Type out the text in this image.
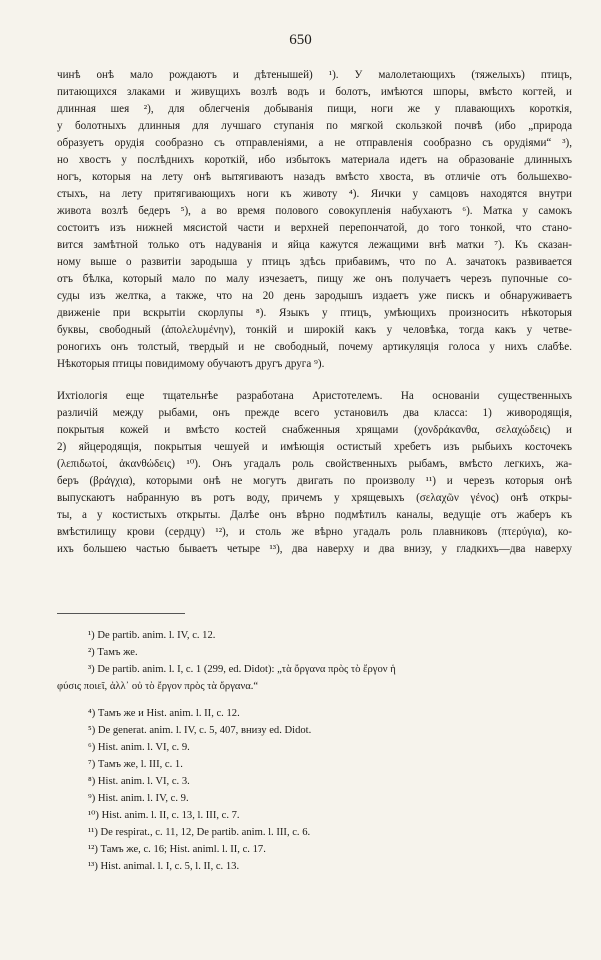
650
чинѣ онѣ мало рождаютъ и дѣтенышей) ¹). У малолетающихъ (тяжелыхъ) птицъ,
питающихся злаками и живущихъ возлѣ водъ и болотъ, имѣются шпоры, вмѣсто когтей, и
длинная шея ²), для облегченія добыванія пищи, ноги же у плавающихъ короткія,
у болотныхъ длинныя для лучшаго ступанія по мягкой скользкой почвѣ (ибо „природа
образуетъ орудія сообразно съ отправленіями, а не отправленія сообразно съ орудіями“ ³),
но хвостъ у послѣднихъ короткій, ибо избытокъ материала идетъ на образованіе длинныхъ
ногъ, которыя на лету онѣ вытягиваютъ назадъ вмѣсто хвоста, въ отличіе отъ большехво-
стыхъ, на лету притягивающихъ ноги къ животу ⁴). Яички у самцовъ находятся внутри
живота возлѣ бедеръ ⁵), а во время полового совокупленія набухаютъ ⁶). Матка у самокъ
состоитъ изъ нижней мясистой части и верхней перепончатой, до того тонкой, что стано-
вится замѣтной только отъ надуванія и яйца кажутся лежащими внѣ матки ⁷). Къ сказан-
ному выше о развитіи зародыша у птицъ здѣсь прибавимъ, что по А. зачатокъ развивается
отъ бѣлка, который мало по малу изчезаетъ, пищу же онъ получаетъ черезъ пупочные со-
суды изъ желтка, а также, что на 20 день зародышъ издаетъ уже пискъ и обнаруживаетъ
движеніе при вскрытіи скорлупы ⁸). Языкъ у птицъ, умѣющихъ произносить нѣкоторыя
буквы, свободный (ἀπολελυμένην), тонкій и широкій какъ у человѣка, тогда какъ у четве-
роногихъ онъ толстый, твердый и не свободный, почему артикуляція голоса у нихъ слабѣе.
Нѣкоторыя птицы повидимому обучаютъ другъ друга ⁹).
Ихтіологія еще тщательнѣе разработана Аристотелемъ. На основаніи существенныхъ
различій между рыбами, онъ прежде всего установилъ два класса: 1) живородящія,
покрытыя кожей и вмѣсто костей снабженныя хрящами (χονδράκανθα, σελαχώδεις) и
2) яйцеродящія, покрытыя чешуей и имѣющія остистый хребетъ изъ рыбьихъ косточекъ
(λεπιδωτοί, ἀκανθώδεις) ¹⁰). Онъ угадалъ роль свойственныхъ рыбамъ, вмѣсто легкихъ, жа-
беръ (βράγχια), которыми онѣ не могутъ двигать по произволу ¹¹) и черезъ которыя онѣ
выпускаютъ набранную въ ротъ воду, причемъ у хрящевыхъ (σελαχῶν γένος) онѣ откры-
ты, а у костистыхъ открыты. Далѣе онъ вѣрно подмѣтилъ каналы, ведущіе отъ жаберъ къ
вмѣстилищу крови (сердцу) ¹²), и столь же вѣрно угадалъ роль плавниковъ (πτερύγια), ко-
ихъ большею частью бываетъ четыре ¹³), два наверху и два внизу, у гладкихъ—два наверху
¹) De partib. anim. l. IV, c. 12.
²) Тамъ же.
³) De partib. anim. l. I, c. 1 (299, ed. Didot): „τὰ ὄργανα πρὸς τὸ ἔργον ἡ
φύσις ποιεῖ, ἀλλ᾽ οὐ τὸ ἔργον πρὸς τὰ ὄργανα.“
⁴) Тамъ же и Hist. anim. l. II, c. 12.
⁵) De generat. anim. l. IV, c. 5, 407, внизу ed. Didot.
⁶) Hist. anim. l. VI, c. 9.
⁷) Тамъ же, l. III, c. 1.
⁸) Hist. anim. l. VI, c. 3.
⁹) Hist. anim. l. IV, c. 9.
¹⁰) Hist. anim. l. II, c. 13, l. III, c. 7.
¹¹) De respirat., c. 11, 12, De partib. anim. l. III, c. 6.
¹²) Тамъ же, c. 16; Hist. animl. l. II, c. 17.
¹³) Hist. animal. l. I, c. 5, l. II, c. 13.
